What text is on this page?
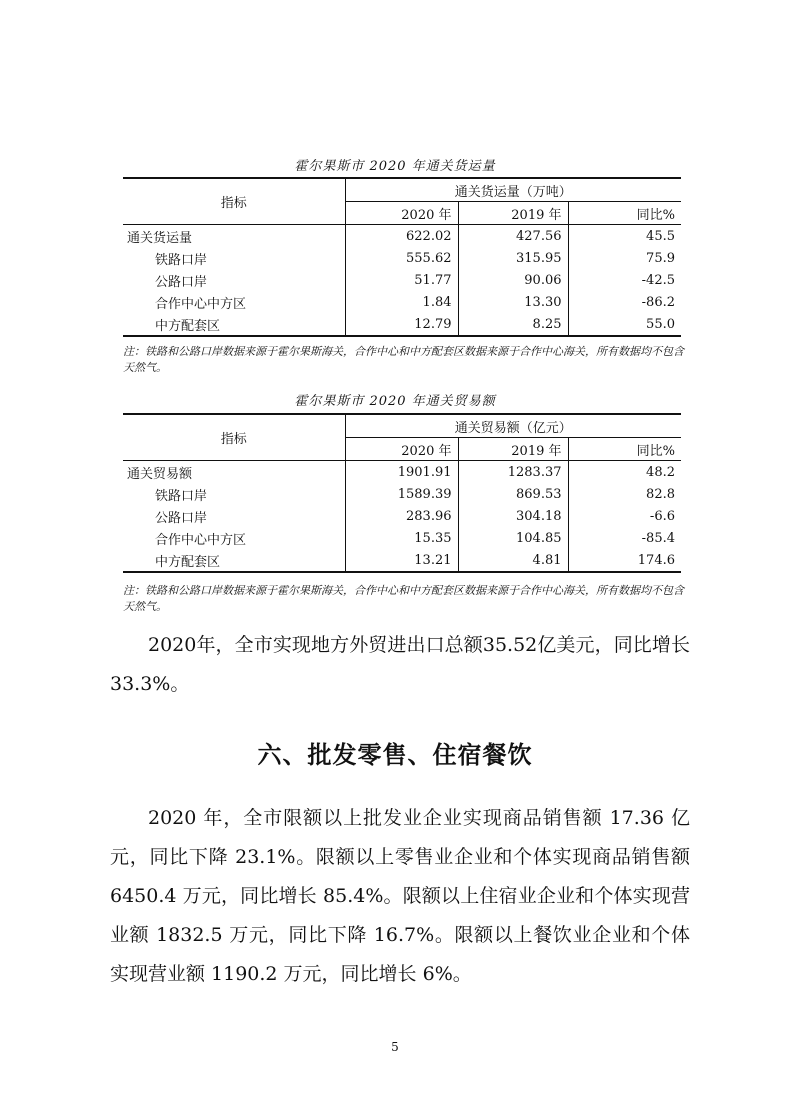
霍尔果斯市 2020 年通关货运量
指标	通关货运量（万吨）		
	2020 年	2019 年	同比%
通关货运量	622.02	427.56	45.5
铁路口岸	555.62	315.95	75.9
公路口岸	51.77	90.06	-42.5
合作中心中方区	1.84	13.30	-86.2
中方配套区	12.79	8.25	55.0
注：铁路和公路口岸数据来源于霍尔果斯海关，合作中心和中方配套区数据来源于合作中心海关，所有数据均不包含天然气。
霍尔果斯市 2020 年通关贸易额
指标	通关贸易额（亿元）		
	2020 年	2019 年	同比%
通关贸易额	1901.91	1283.37	48.2
铁路口岸	1589.39	869.53	82.8
公路口岸	283.96	304.18	-6.6
合作中心中方区	15.35	104.85	-85.4
中方配套区	13.21	4.81	174.6
注：铁路和公路口岸数据来源于霍尔果斯海关，合作中心和中方配套区数据来源于合作中心海关，所有数据均不包含天然气。
2020年，全市实现地方外贸进出口总额35.52亿美元，同比增长33.3%。
六、批发零售、住宿餐饮
2020 年，全市限额以上批发业企业实现商品销售额 17.36 亿元，同比下降 23.1%。限额以上零售业企业和个体实现商品销售额 6450.4 万元，同比增长 85.4%。限额以上住宿业企业和个体实现营业额 1832.5 万元，同比下降 16.7%。限额以上餐饮业企业和个体实现营业额 1190.2 万元，同比增长 6%。
5
